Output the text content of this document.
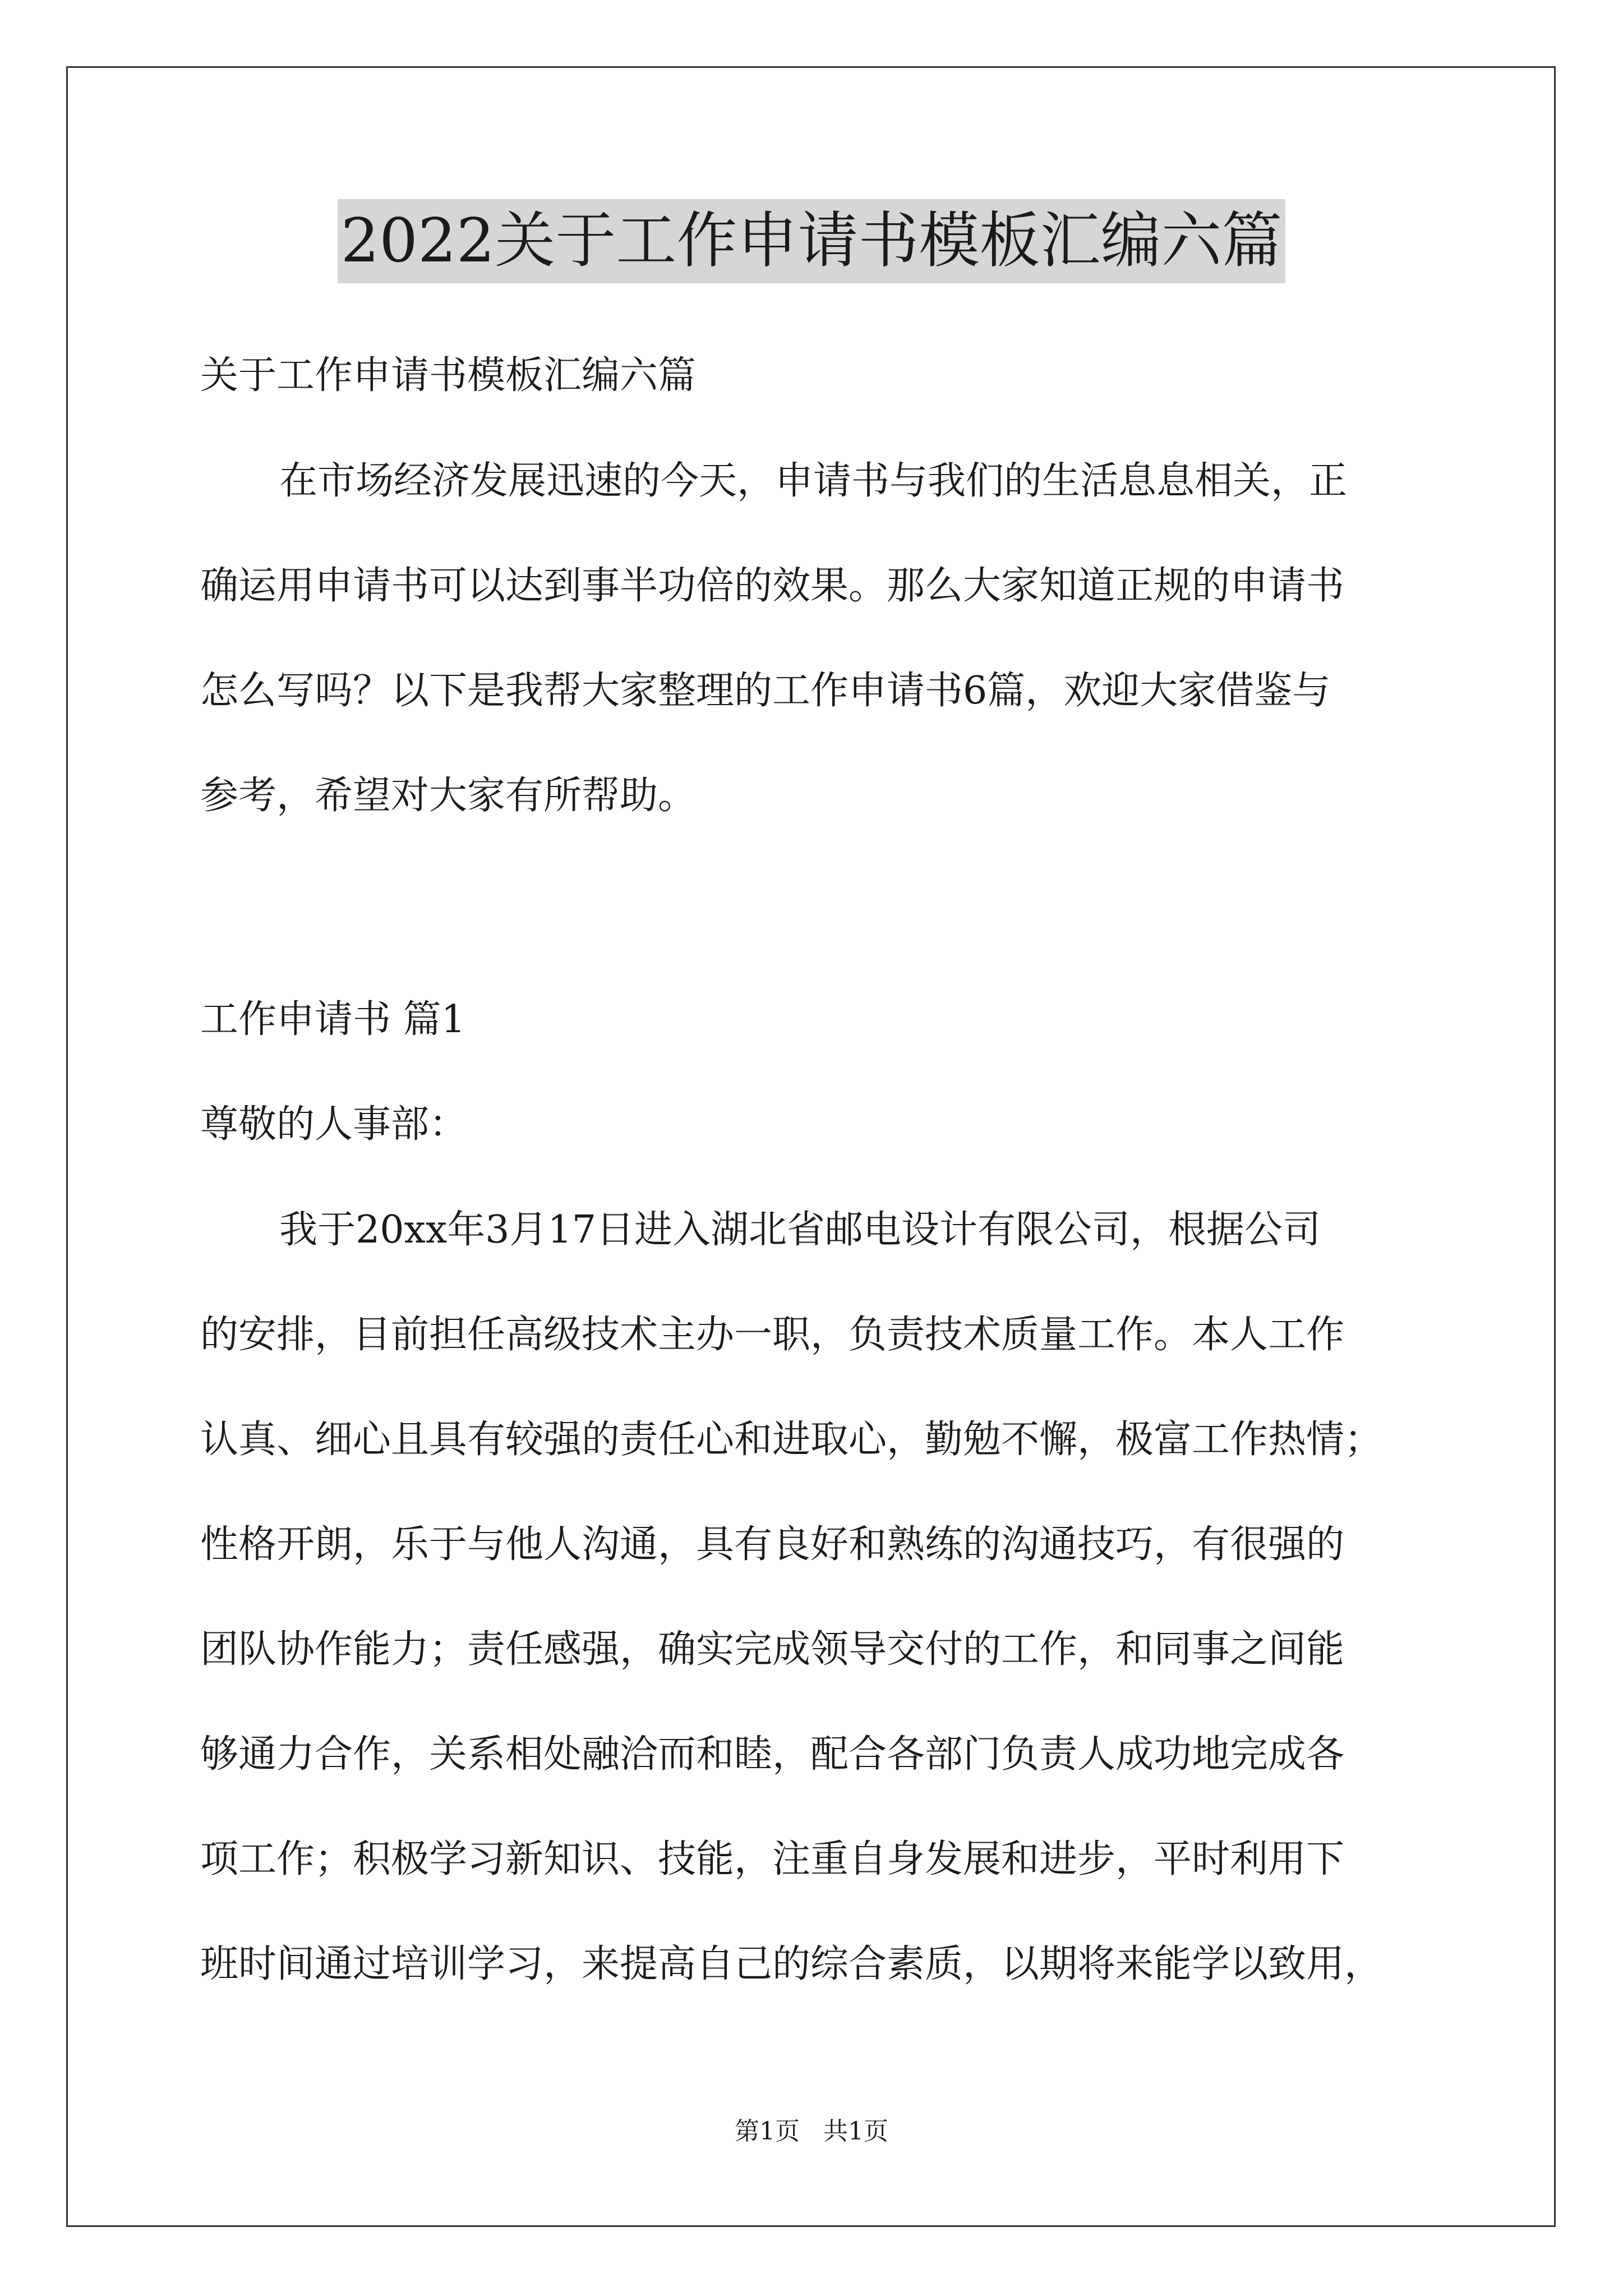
2022关于工作申请书模板汇编六篇
关于工作申请书模板汇编六篇
在市场经济发展迅速的今天，申请书与我们的生活息息相关，正
确运用申请书可以达到事半功倍的效果。那么大家知道正规的申请书
怎么写吗？以下是我帮大家整理的工作申请书6篇，欢迎大家借鉴与
参考，希望对大家有所帮助。
工作申请书 篇1
尊敬的人事部：
我于20xx年3月17日进入湖北省邮电设计有限公司，根据公司
的安排，目前担任高级技术主办一职，负责技术质量工作。本人工作
认真、细心且具有较强的责任心和进取心，勤勉不懈，极富工作热情；
性格开朗，乐于与他人沟通，具有良好和熟练的沟通技巧，有很强的
团队协作能力；责任感强，确实完成领导交付的工作，和同事之间能
够通力合作，关系相处融洽而和睦，配合各部门负责人成功地完成各
项工作；积极学习新知识、技能，注重自身发展和进步，平时利用下
班时间通过培训学习，来提高自己的综合素质，以期将来能学以致用，
第1页   共1页
